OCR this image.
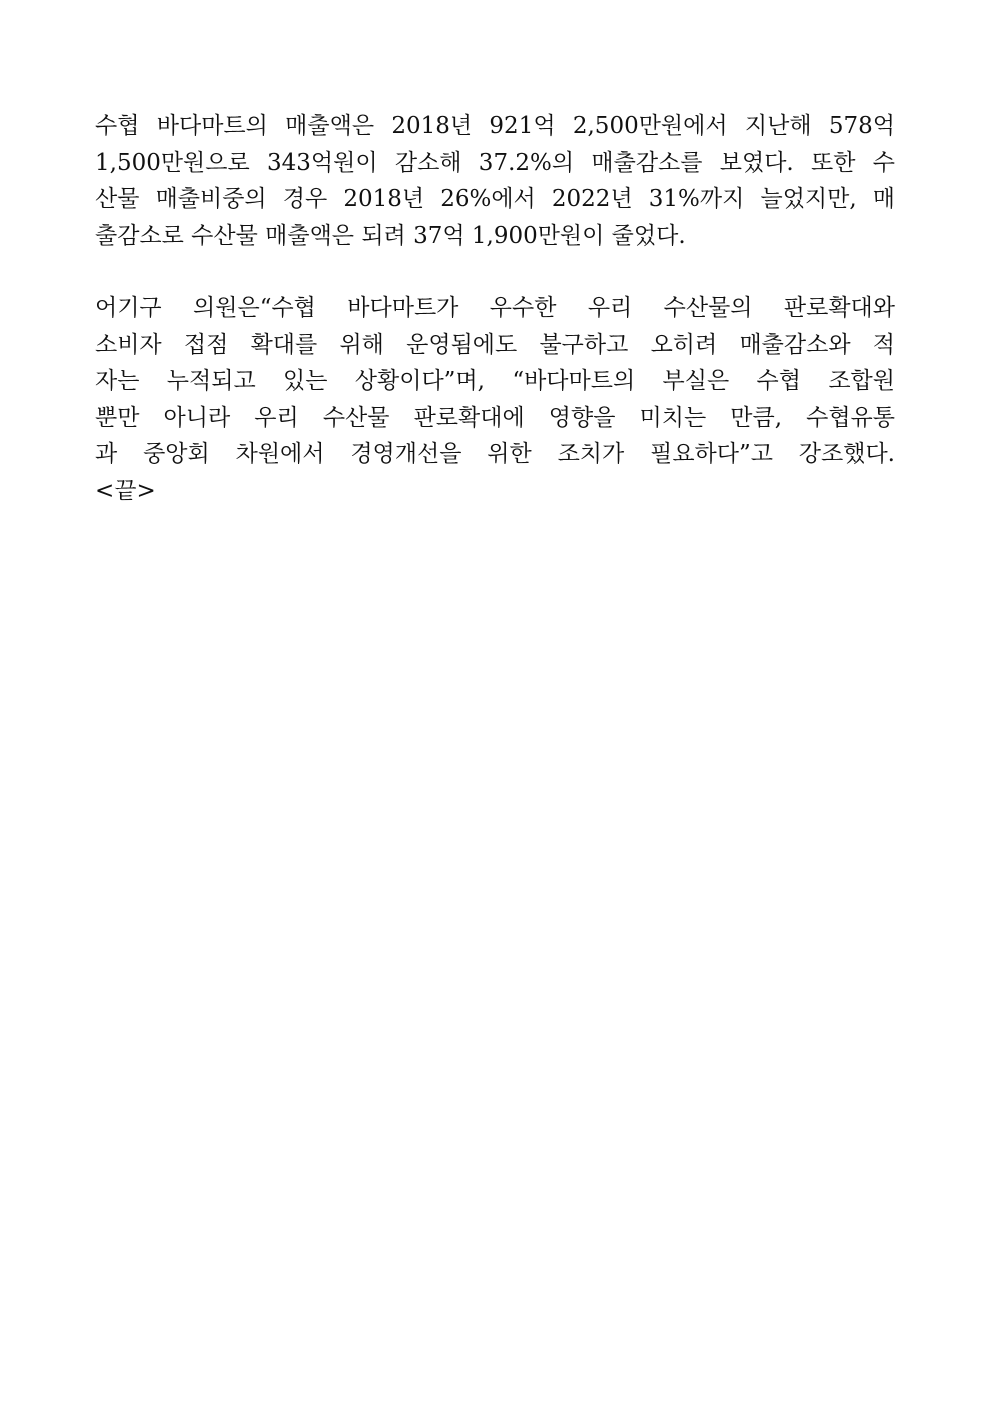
수협 바다마트의 매출액은 2018년 921억 2,500만원에서 지난해 578억
1,500만원으로 343억원이 감소해 37.2%의 매출감소를 보였다. 또한 수
산물 매출비중의 경우 2018년 26%에서 2022년 31%까지 늘었지만, 매
출감소로 수산물 매출액은 되려 37억 1,900만원이 줄었다.

어기구 의원은“수협 바다마트가 우수한 우리 수산물의 판로확대와
소비자 접점 확대를 위해 운영됨에도 불구하고 오히려 매출감소와 적
자는 누적되고 있는 상황이다”며, “바다마트의 부실은 수협 조합원
뿐만 아니라 우리 수산물 판로확대에 영향을 미치는 만큼, 수협유통
과 중앙회 차원에서 경영개선을 위한 조치가 필요하다”고 강조했다.
<끝>
